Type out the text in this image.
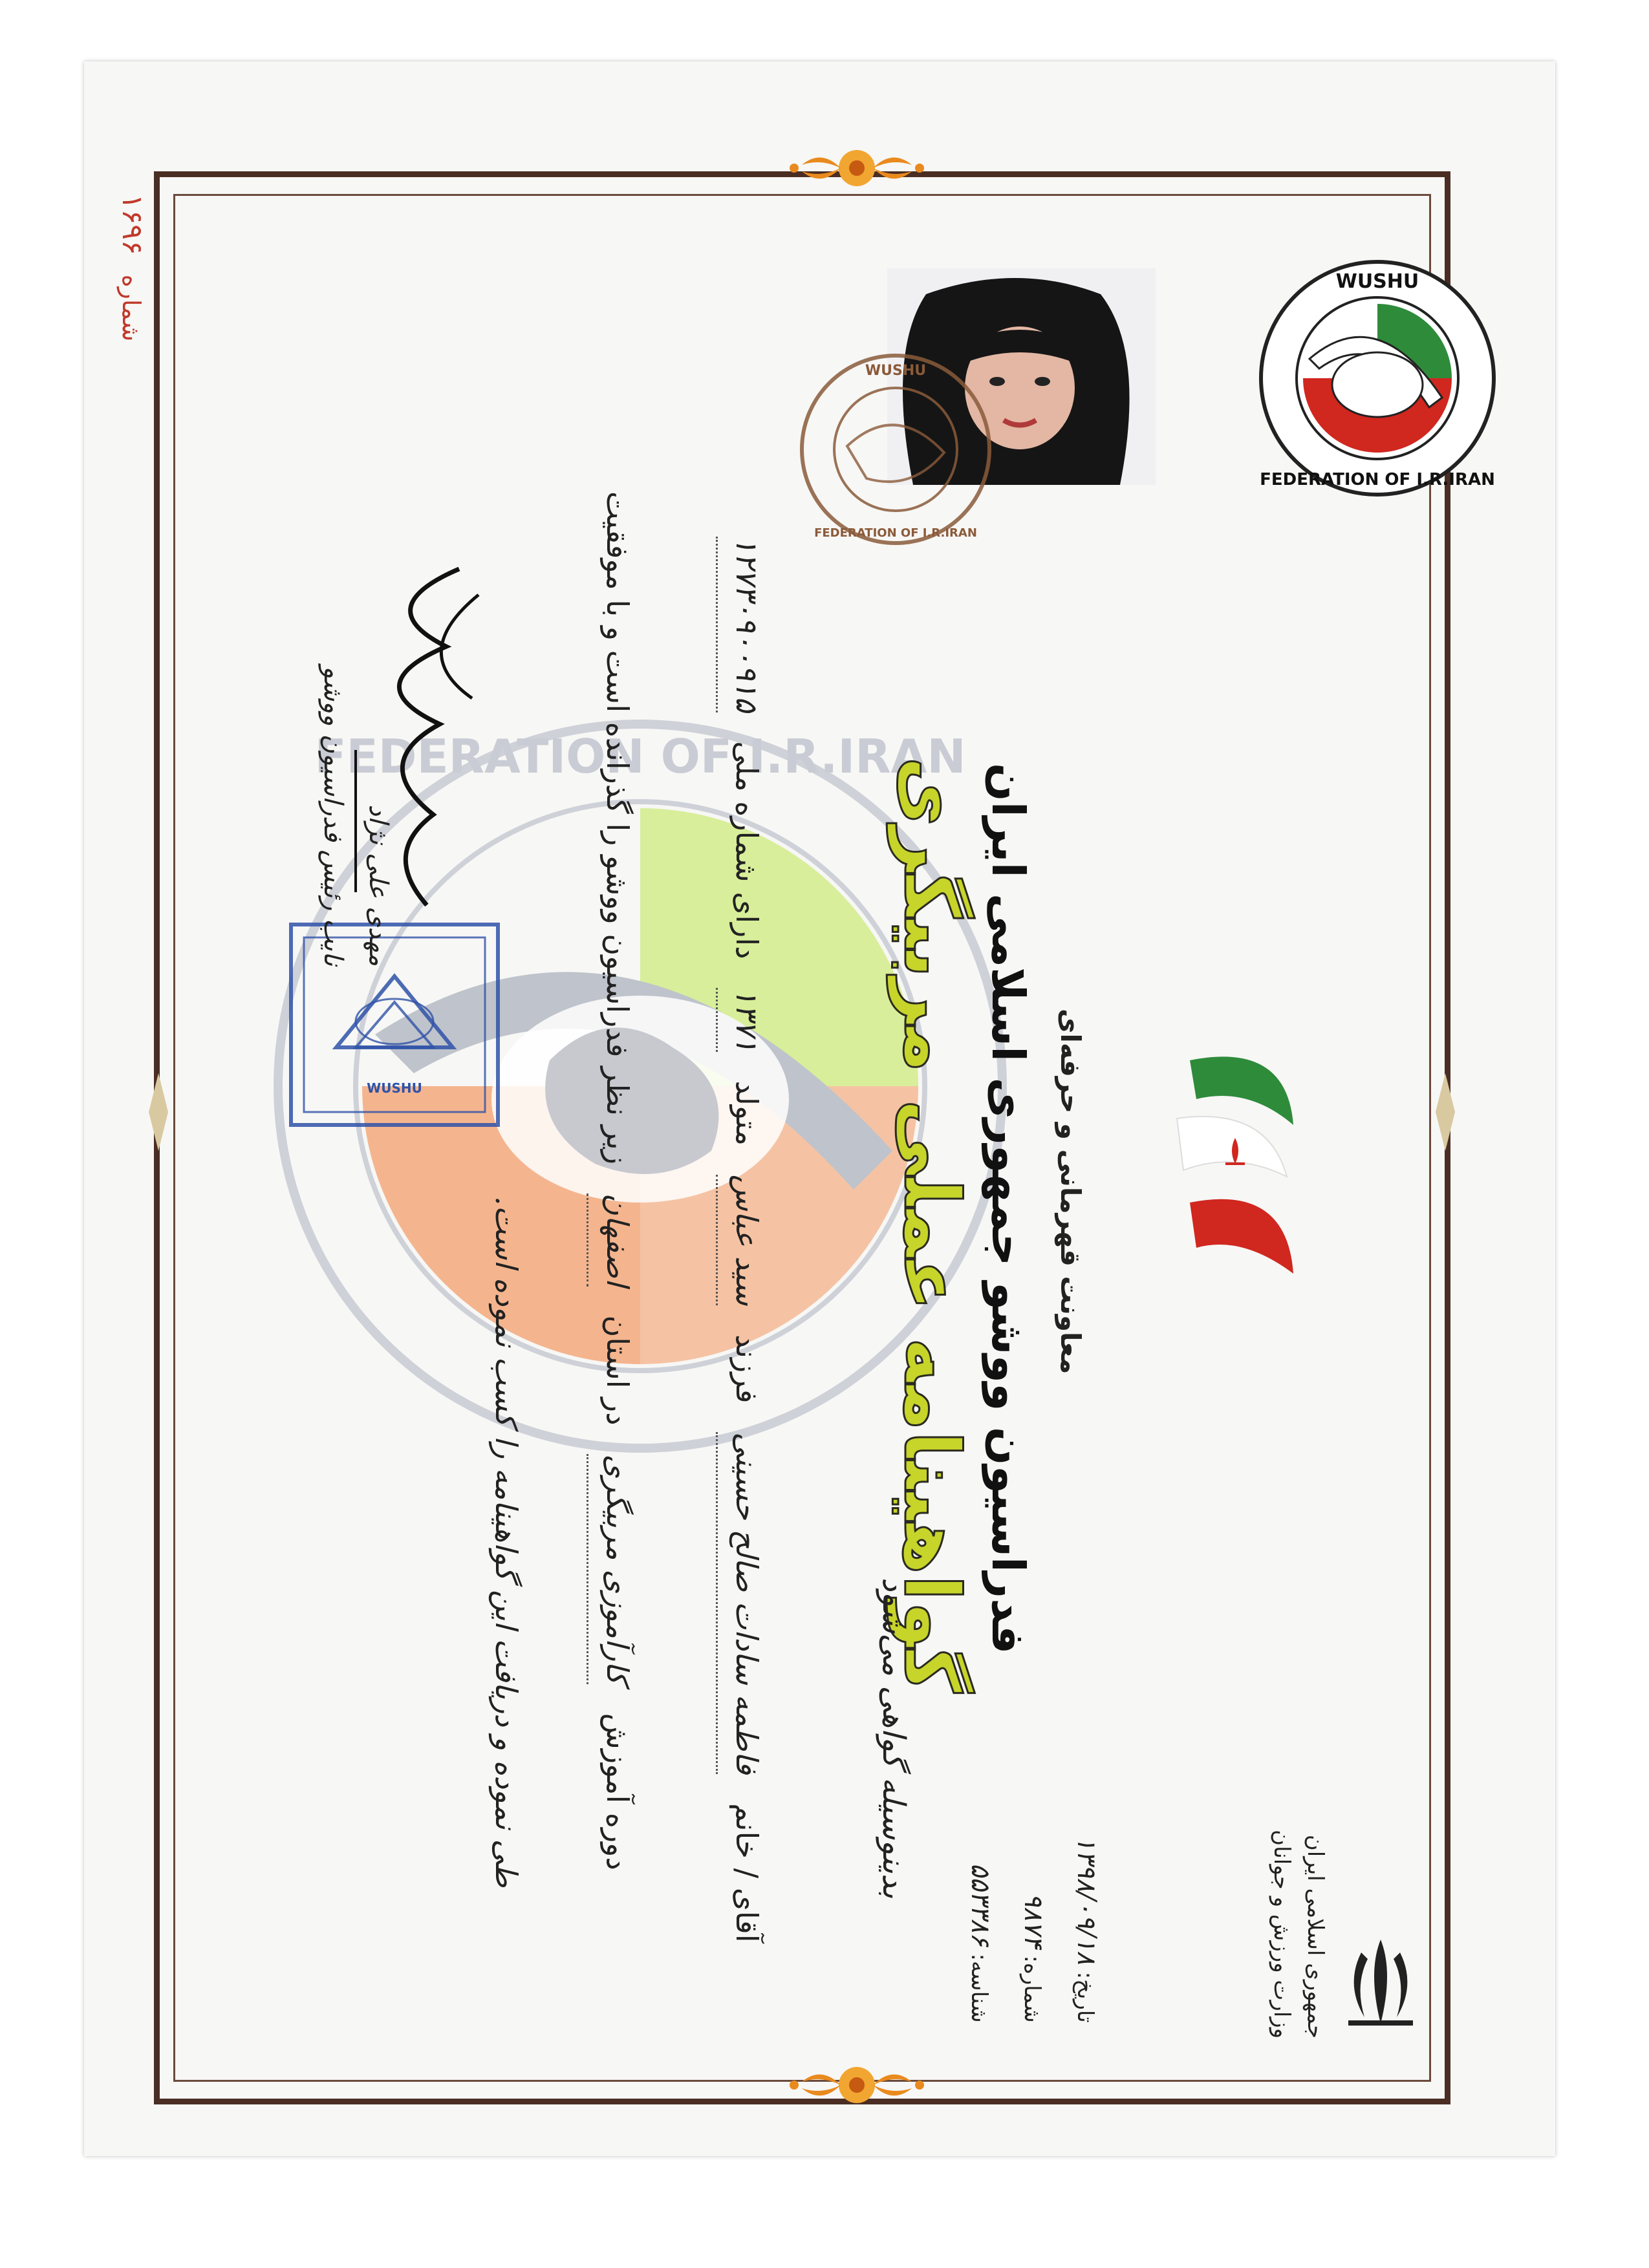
شماره ۱۶۹۶
FEDERATION OF I.R.IRAN
جمهوری اسلامی ایران
وزارت ورزش و جوانان
تاریخ: ۱۳۹۸/۰۹/۱۸
شماره: ۹۸۷۴
شناسه: ۵۵۳۳۸۶
WUSHU
FEDERATION OF I.R.IRAN
WUSHU
FEDERATION OF I.R.IRAN
معاونت قهرمانی و حرفه‌ای
فدراسیون ووشو جمهوری اسلامی ایران
گواهینامه عملی مربیگری
بدینوسیله گواهی می‌شود
آقای / خانم فاطمه سادات صالح حسینی فرزند سید عباس متولد ۱۳۷۱ دارای شماره ملی ۱۲۷۳۰۹۰۰۹۱۵
دوره آموزش کارآموزی مربیگری در استان اصفهان زیر نظر فدراسیون ووشو را گذرانده است و با موفقیت
طی نموده و دریافت این گواهینامه را کسب نموده است.
WUSHU
مهدی علی نژاد
نایب رئیس فدراسیون ووشو
